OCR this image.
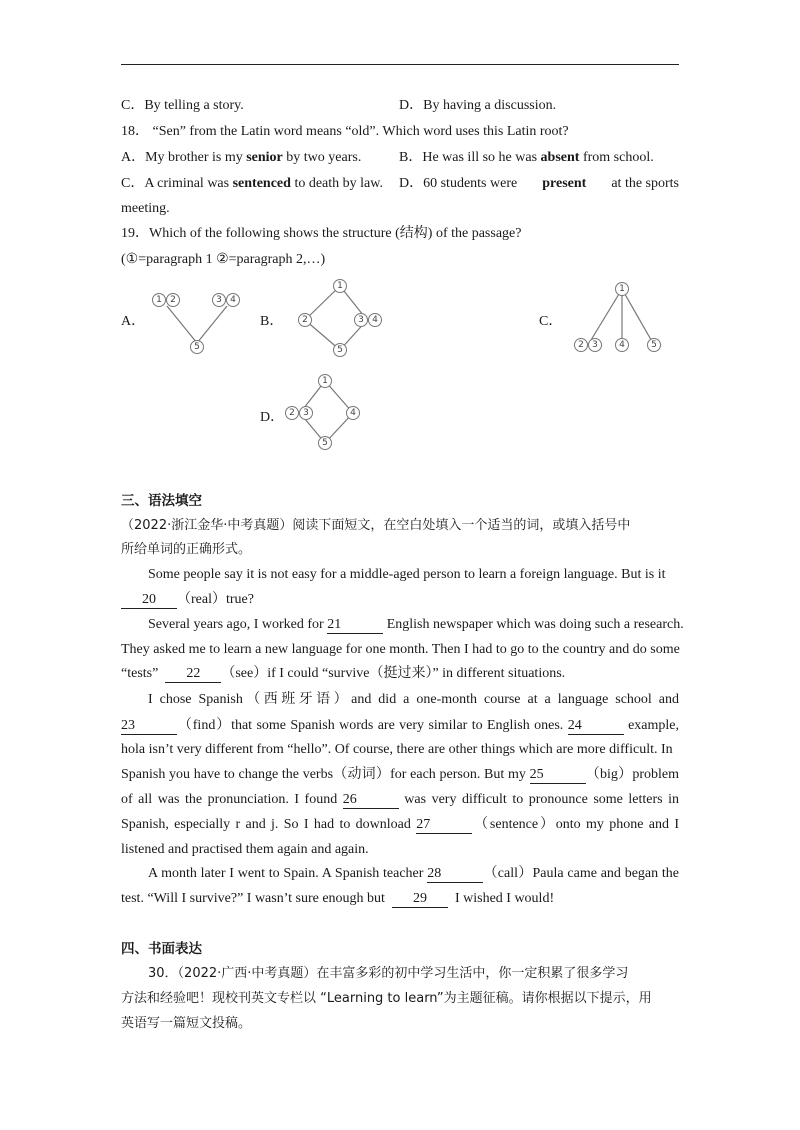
C．By telling a story.	D．By having a discussion.
18． “Sen” from the Latin word means “old”. Which word uses this Latin root?
A．My brother is my senior by two years.	B．He was ill so he was absent from school.
C．A criminal was sentenced to death by law. D．60 students were present at the sports
meeting.
19．Which of the following shows the structure (结构) of the passage?
(①=paragraph 1 ②=paragraph 2,…)
A．	B．	C．
D．
1 2	3 4
5
1
2	3 4
5
1
2 3 4	5
1
2 3	4
5
三、语法填空
（2022·浙江金华·中考真题）阅读下面短文，在空白处填入一个适当的词，或填入括号中
所给单词的正确形式。
Some people say it is not easy for a middle-aged person to learn a foreign language. But is it
20 （real）true?
Several years ago, I worked for 21	English newspaper which was doing such a research.
They asked me to learn a new language for one month. Then I had to go to the country and do some
“tests” 22 （see）if I could “survive（挺过来）” in different situations.
I chose Spanish（西班牙语）and did a one-month course at a language school and
23	（find）that some Spanish words are very similar to English ones. 24	example,
hola isn’t very different from “hello”. Of course, there are other things which are more difficult. In
Spanish you have to change the verbs（动词）for each person. But my 25	（big）problem
of all was the pronunciation. I found 26	was very difficult to pronounce some letters in
Spanish, especially r and j. So I had to download 27	（sentence）onto my phone and I
listened and practised them again and again.
A month later I went to Spain. A Spanish teacher 28	（call）Paula came and began the
test. “Will I survive?” I wasn’t sure enough but 29 I wished I would!
四、书面表达
30．（2022·广西·中考真题）在丰富多彩的初中学习生活中，你一定积累了很多学习
方法和经验吧！现校刊英文专栏以 “Learning to learn”为主题征稿。请你根据以下提示，用
英语写一篇短文投稿。
